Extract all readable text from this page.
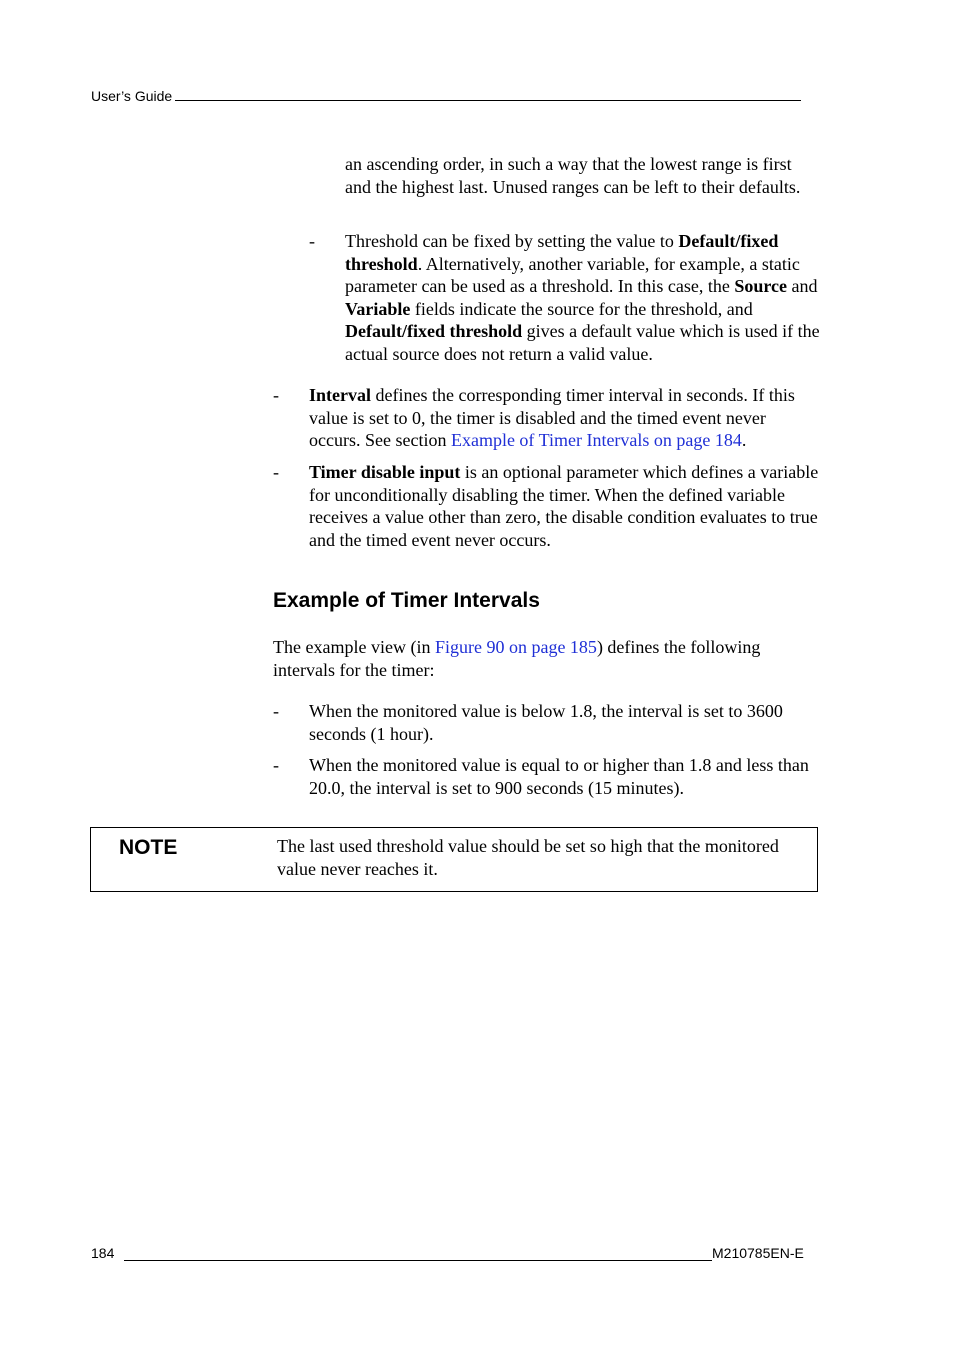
User’s Guide
an ascending order, in such a way that the lowest range is first and the highest last. Unused ranges can be left to their defaults.
- Threshold can be fixed by setting the value to Default/fixed threshold. Alternatively, another variable, for example, a static parameter can be used as a threshold. In this case, the Source and Variable fields indicate the source for the threshold, and Default/fixed threshold gives a default value which is used if the actual source does not return a valid value.
- Interval defines the corresponding timer interval in seconds. If this value is set to 0, the timer is disabled and the timed event never occurs. See section Example of Timer Intervals on page 184.
- Timer disable input is an optional parameter which defines a variable for unconditionally disabling the timer. When the defined variable receives a value other than zero, the disable condition evaluates to true and the timed event never occurs.
Example of Timer Intervals
The example view (in Figure 90 on page 185) defines the following intervals for the timer:
- When the monitored value is below 1.8, the interval is set to 3600 seconds (1 hour).
- When the monitored value is equal to or higher than 1.8 and less than 20.0, the interval is set to 900 seconds (15 minutes).
NOTE	The last used threshold value should be set so high that the monitored value never reaches it.
184	M210785EN-E
